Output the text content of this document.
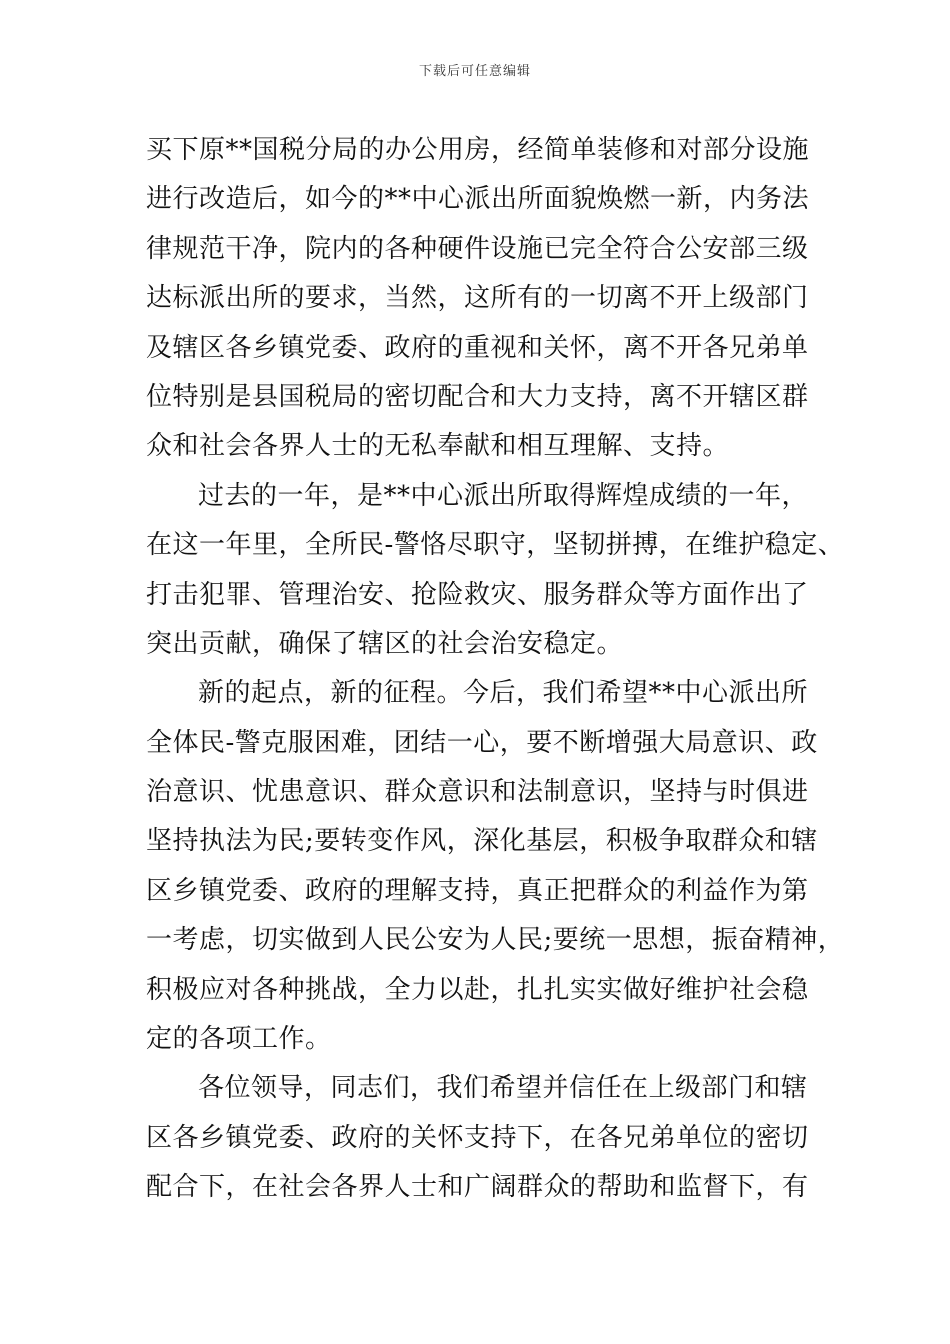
下载后可任意编辑
买下原**国税分局的办公用房，经简单装修和对部分设施
进行改造后，如今的**中心派出所面貌焕燃一新，内务法
律规范干净，院内的各种硬件设施已完全符合公安部三级
达标派出所的要求，当然，这所有的一切离不开上级部门
及辖区各乡镇党委、政府的重视和关怀，离不开各兄弟单
位特别是县国税局的密切配合和大力支持，离不开辖区群
众和社会各界人士的无私奉献和相互理解、支持。
过去的一年，是**中心派出所取得辉煌成绩的一年，
在这一年里，全所民-警恪尽职守，坚韧拼搏，在维护稳定、
打击犯罪、管理治安、抢险救灾、服务群众等方面作出了
突出贡献，确保了辖区的社会治安稳定。
新的起点，新的征程。今后，我们希望**中心派出所
全体民-警克服困难，团结一心，要不断增强大局意识、政
治意识、忧患意识、群众意识和法制意识，坚持与时俱进
坚持执法为民;要转变作风，深化基层，积极争取群众和辖
区乡镇党委、政府的理解支持，真正把群众的利益作为第
一考虑，切实做到人民公安为人民;要统一思想，振奋精神，
积极应对各种挑战，全力以赴，扎扎实实做好维护社会稳
定的各项工作。
各位领导，同志们，我们希望并信任在上级部门和辖
区各乡镇党委、政府的关怀支持下，在各兄弟单位的密切
配合下，在社会各界人士和广阔群众的帮助和监督下，有
